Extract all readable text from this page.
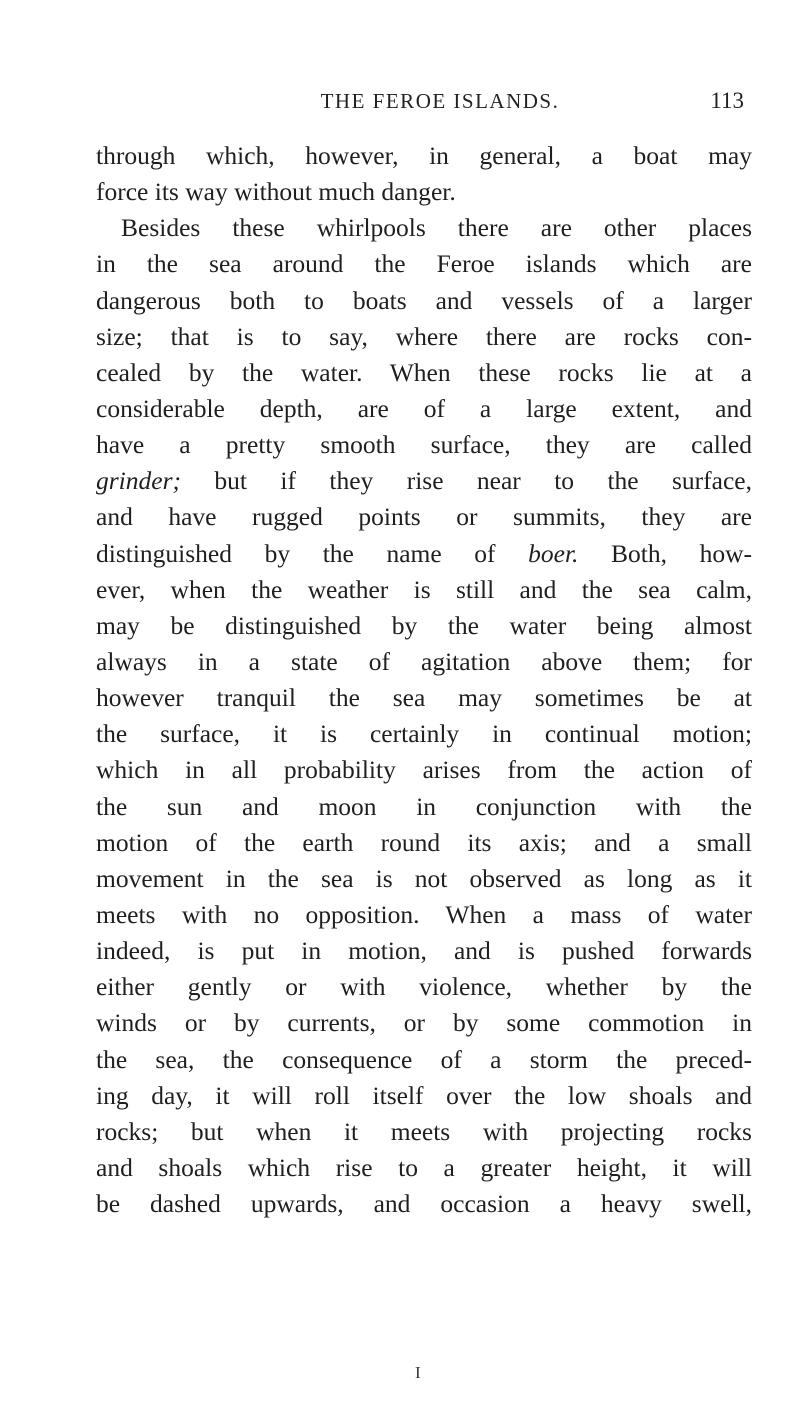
THE FEROE ISLANDS.	113
through which, however, in general, a boat may
force its way without much danger.
Besides these whirlpools there are other places
in the sea around the Feroe islands which are
dangerous both to boats and vessels of a larger
size; that is to say, where there are rocks con-
cealed by the water. When these rocks lie at a
considerable depth, are of a large extent, and
have a pretty smooth surface, they are called
grinder; but if they rise near to the surface,
and have rugged points or summits, they are
distinguished by the name of boer. Both, how-
ever, when the weather is still and the sea calm,
may be distinguished by the water being almost
always in a state of agitation above them; for
however tranquil the sea may sometimes be at
the surface, it is certainly in continual motion;
which in all probability arises from the action of
the sun and moon in conjunction with the
motion of the earth round its axis; and a small
movement in the sea is not observed as long as it
meets with no opposition. When a mass of water
indeed, is put in motion, and is pushed forwards
either gently or with violence, whether by the
winds or by currents, or by some commotion in
the sea, the consequence of a storm the preced-
ing day, it will roll itself over the low shoals and
rocks; but when it meets with projecting rocks
and shoals which rise to a greater height, it will
be dashed upwards, and occasion a heavy swell,
I
